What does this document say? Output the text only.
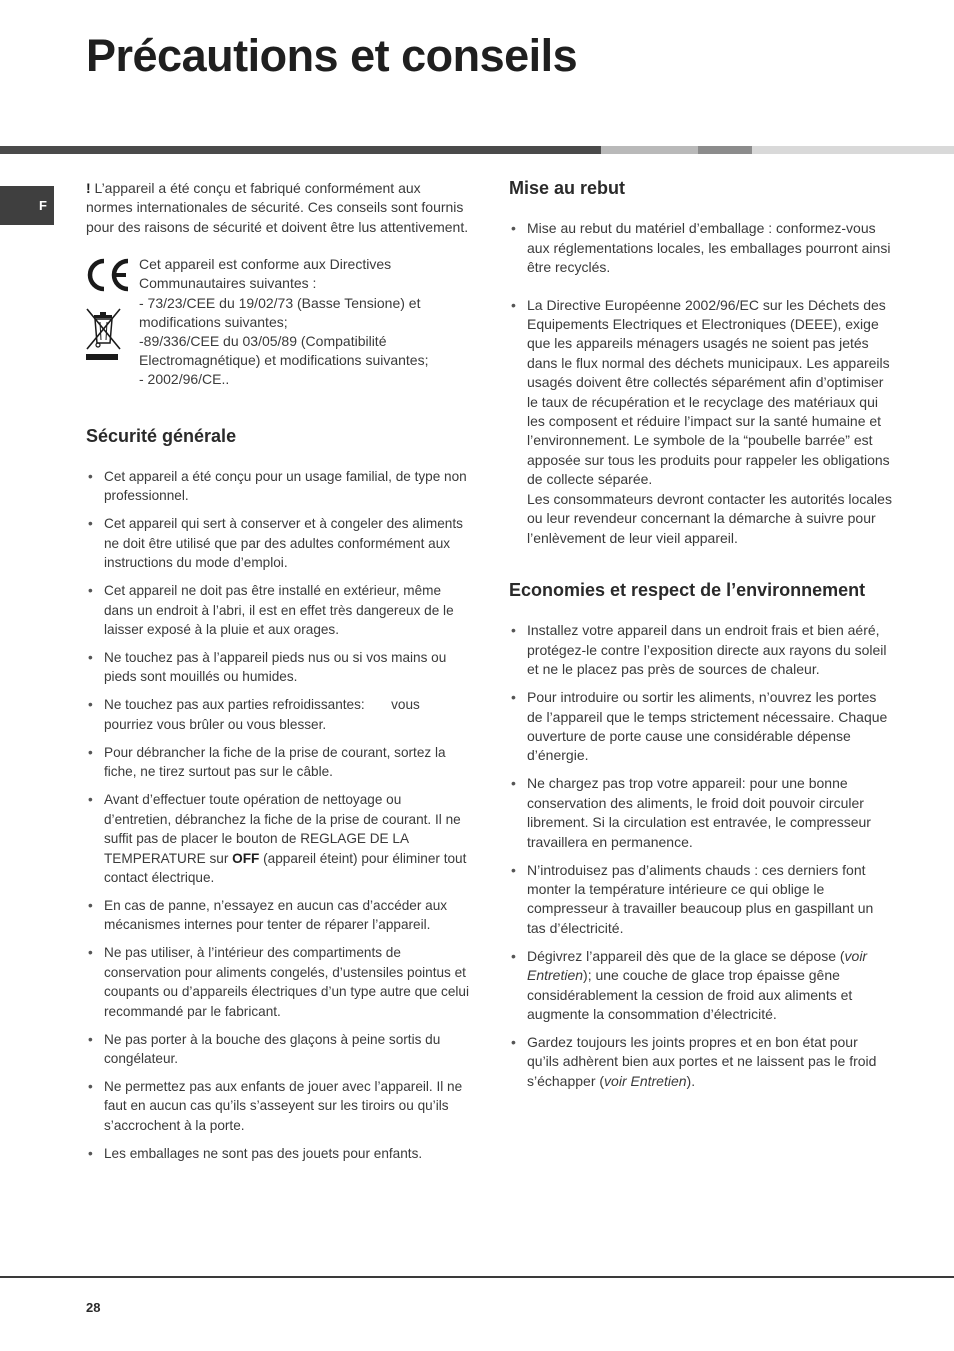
Précautions et conseils
F

! L’appareil a été conçu et fabriqué conformément aux normes internationales de sécurité. Ces conseils sont fournis pour des raisons de sécurité et doivent être lus attentivement.

Cet appareil est conforme aux Directives Communautaires suivantes :
- 73/23/CEE du 19/02/73 (Basse Tensione) et modifications suivantes;
-89/336/CEE du 03/05/89 (Compatibilité Electromagnétique) et modifications suivantes;
- 2002/96/CE..
Sécurité générale
• Cet appareil a été conçu pour un usage familial, de type non professionnel.
• Cet appareil qui sert à conserver et à congeler des aliments ne doit être utilisé que par des adultes conformément aux instructions du mode d’emploi.
• Cet appareil ne doit pas être installé en extérieur, même dans un endroit à l’abri, il est en effet très dangereux de le laisser exposé à la pluie et aux orages.
• Ne touchez pas à l’appareil pieds nus ou si vos mains ou pieds sont mouillés ou humides.
• Ne touchez pas aux parties refroidissantes:       vous pourriez vous brûler ou vous blesser.
• Pour débrancher la fiche de la prise de courant, sortez la fiche, ne tirez surtout pas sur le câble.
• Avant d’effectuer toute opération de nettoyage ou d’entretien, débranchez la fiche de la prise de courant. Il ne suffit pas de placer le bouton de REGLAGE DE LA TEMPERATURE sur OFF (appareil éteint) pour éliminer tout contact électrique.
• En cas de panne, n’essayez en aucun cas d’accéder aux mécanismes internes pour tenter de réparer l’appareil.
• Ne pas utiliser, à l’intérieur des compartiments de conservation pour aliments congelés, d’ustensiles pointus et coupants ou d’appareils électriques d’un type autre que celui recommandé par le fabricant.
• Ne pas porter à la bouche des glaçons à peine sortis du congélateur.
• Ne permettez pas aux enfants de jouer avec l’appareil. Il ne faut en aucun cas qu’ils s’asseyent sur les tiroirs ou qu’ils s’accrochent à la porte.
• Les emballages ne sont pas des jouets pour enfants.
Mise au rebut
• Mise au rebut du matériel d’emballage : conformez-vous aux réglementations locales, les emballages pourront ainsi être recyclés.
• La Directive Européenne 2002/96/EC sur les Déchets des Equipements Electriques et Electroniques (DEEE), exige que les appareils ménagers usagés ne soient pas jetés dans le flux normal des déchets municipaux. Les appareils usagés doivent être collectés séparément afin d’optimiser le taux de récupération et le recyclage des matériaux qui les composent et réduire l’impact sur la santé humaine et l’environnement. Le symbole de la “poubelle barrée” est apposée sur tous les produits pour rappeler les obligations de collecte séparée.
Les consommateurs devront contacter les autorités locales ou leur revendeur concernant la démarche à suivre pour l’enlèvement de leur vieil appareil.
Economies et respect de l’environnement
• Installez votre appareil dans un endroit frais et bien aéré, protégez-le contre l’exposition directe aux rayons du soleil et ne le placez pas près de sources de chaleur.
• Pour introduire ou sortir les aliments, n’ouvrez les portes de l’appareil que le temps strictement nécessaire. Chaque ouverture de porte cause une considérable dépense d’énergie.
• Ne chargez pas trop votre appareil: pour une bonne conservation des aliments, le froid doit pouvoir circuler librement. Si la circulation est entravée, le compresseur travaillera en permanence.
• N’introduisez pas d’aliments chauds : ces derniers font monter la température intérieure ce qui oblige le compresseur à travailler beaucoup plus en gaspillant un tas d’électricité.
• Dégivrez l’appareil dès que de la glace se dépose (voir Entretien); une couche de glace trop épaisse gêne considérablement la cession de froid aux aliments et augmente la consommation d’électricité.
• Gardez toujours les joints propres et en bon état pour qu’ils adhèrent bien aux portes et ne laissent pas le froid s’échapper (voir Entretien).
28
